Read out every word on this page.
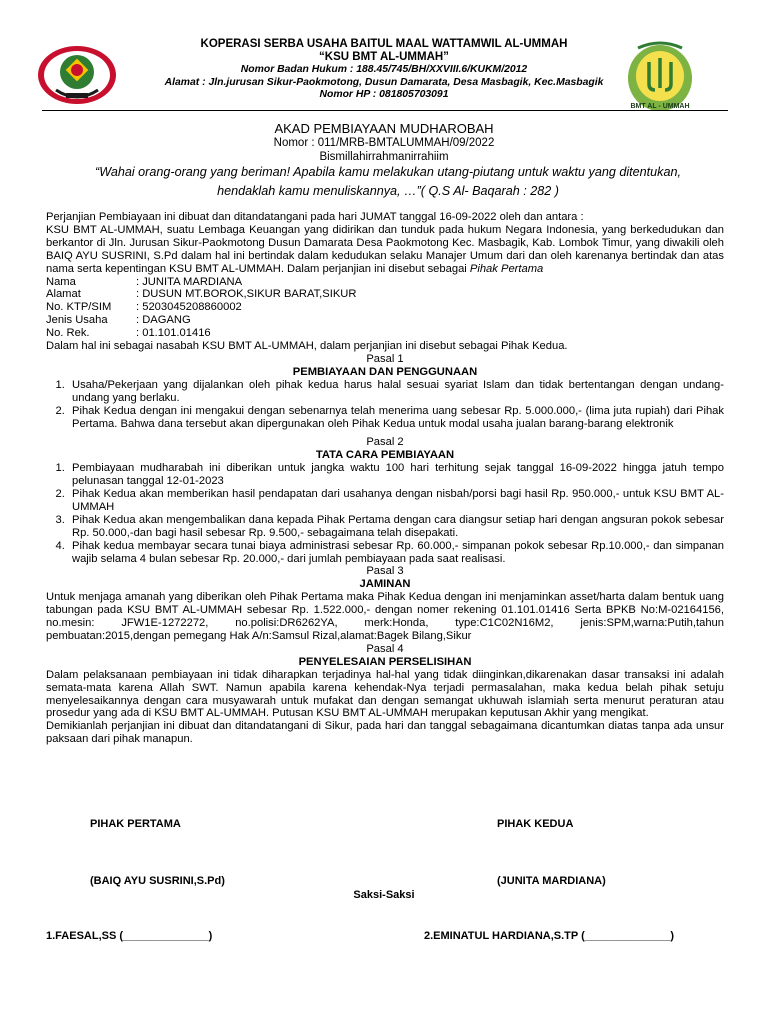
KOPERASI SERBA USAHA BAITUL MAAL WATTAMWIL AL-UMMAH
“KSU BMT AL-UMMAH”
Nomor Badan Hukum : 188.45/745/BH/XXVIII.6/KUKM/2012
Alamat : Jln.jurusan Sikur-Paokmotong, Dusun Damarata, Desa Masbagik, Kec.Masbagik
Nomor HP : 081805703091
BMT AL - UMMAH
AKAD PEMBIAYAAN MUDHAROBAH
Nomor : 011/MRB-BMTALUMMAH/09/2022
Bismillahirrahmanirrahiim
“Wahai orang-orang yang beriman! Apabila kamu melakukan utang-piutang untuk waktu yang ditentukan,
hendaklah kamu menuliskannya, …”( Q.S Al- Baqarah : 282 )

Perjanjian Pembiayaan ini dibuat dan ditandatangani pada hari JUMAT tanggal 16-09-2022 oleh dan antara :

KSU BMT AL-UMMAH, suatu Lembaga Keuangan yang didirikan dan tunduk pada hukum Negara Indonesia, yang berkedudukan dan berkantor di Jln. Jurusan Sikur-Paokmotong Dusun Damarata Desa Paokmotong Kec. Masbagik, Kab. Lombok Timur, yang diwakili oleh BAIQ AYU SUSRINI, S.Pd dalam hal ini bertindak dalam kedudukan selaku Manajer Umum dari dan oleh karenanya bertindak dan atas nama serta kepentingan KSU BMT AL-UMMAH. Dalam perjanjian ini disebut sebagai Pihak Pertama

Nama	: JUNITA MARDIANA
Alamat	: DUSUN MT.BOROK,SIKUR BARAT,SIKUR
No. KTP/SIM	: 5203045208860002
Jenis Usaha	: DAGANG
No. Rek.	: 01.101.01416

Dalam hal ini sebagai nasabah KSU BMT AL-UMMAH, dalam perjanjian ini disebut sebagai Pihak Kedua.

Pasal 1

PEMBIAYAAN DAN PENGGUNAAN

1. Usaha/Pekerjaan yang dijalankan oleh pihak kedua harus halal sesuai syariat Islam dan tidak bertentangan dengan undang-undang yang berlaku.
2. Pihak Kedua dengan ini mengakui dengan sebenarnya telah menerima uang sebesar Rp. 5.000.000,- (lima juta rupiah) dari Pihak Pertama. Bahwa dana tersebut akan dipergunakan oleh Pihak Kedua untuk modal usaha jualan barang-barang elektronik

Pasal 2

TATA CARA PEMBIAYAAN

1. Pembiayaan mudharabah ini diberikan untuk jangka waktu 100 hari terhitung sejak tanggal 16-09-2022 hingga jatuh tempo pelunasan tanggal 12-01-2023
2. Pihak Kedua akan memberikan hasil pendapatan dari usahanya dengan nisbah/porsi bagi hasil Rp. 950.000,- untuk KSU BMT AL-UMMAH
3. Pihak Kedua akan mengembalikan dana kepada Pihak Pertama dengan cara diangsur setiap hari dengan angsuran pokok sebesar Rp. 50.000,-dan bagi hasil sebesar Rp. 9.500,- sebagaimana telah disepakati.
4. Pihak kedua membayar secara tunai biaya administrasi sebesar Rp. 60.000,- simpanan pokok sebesar Rp.10.000,- dan simpanan wajib selama 4 bulan sebesar Rp. 20.000,- dari jumlah pembiayaan pada saat realisasi.

Pasal 3

JAMINAN

Untuk menjaga amanah yang diberikan oleh Pihak Pertama maka Pihak Kedua dengan ini menjaminkan asset/harta dalam bentuk uang tabungan pada KSU BMT AL-UMMAH sebesar Rp. 1.522.000,- dengan nomer rekening 01.101.01416 Serta BPKB No:M-02164156, no.mesin: JFW1E-1272272, no.polisi:DR6262YA, merk:Honda, type:C1C02N16M2, jenis:SPM,warna:Putih,tahun pembuatan:2015,dengan pemegang Hak A/n:Samsul Rizal,alamat:Bagek Bilang,Sikur

Pasal 4

PENYELESAIAN PERSELISIHAN

Dalam pelaksanaan pembiayaan ini tidak diharapkan terjadinya hal-hal yang tidak diinginkan,dikarenakan dasar transaksi ini adalah semata-mata karena Allah SWT. Namun apabila karena kehendak-Nya terjadi permasalahan, maka kedua belah pihak setuju menyelesaikannya dengan cara musyawarah untuk mufakat dan dengan semangat ukhuwah islamiah serta menurut peraturan atau prosedur yang ada di KSU BMT AL-UMMAH. Putusan KSU BMT AL-UMMAH merupakan keputusan Akhir yang mengikat.

Demikianlah perjanjian ini dibuat dan ditandatangani di Sikur, pada hari dan tanggal sebagaimana dicantumkan diatas tanpa ada unsur paksaan dari pihak manapun.

PIHAK PERTAMA	PIHAK KEDUA
(BAIQ AYU SUSRINI,S.Pd)	(JUNITA MARDIANA)
Saksi-Saksi
1.FAESAL,SS (______________)	2.EMINATUL HARDIANA,S.TP (______________)
